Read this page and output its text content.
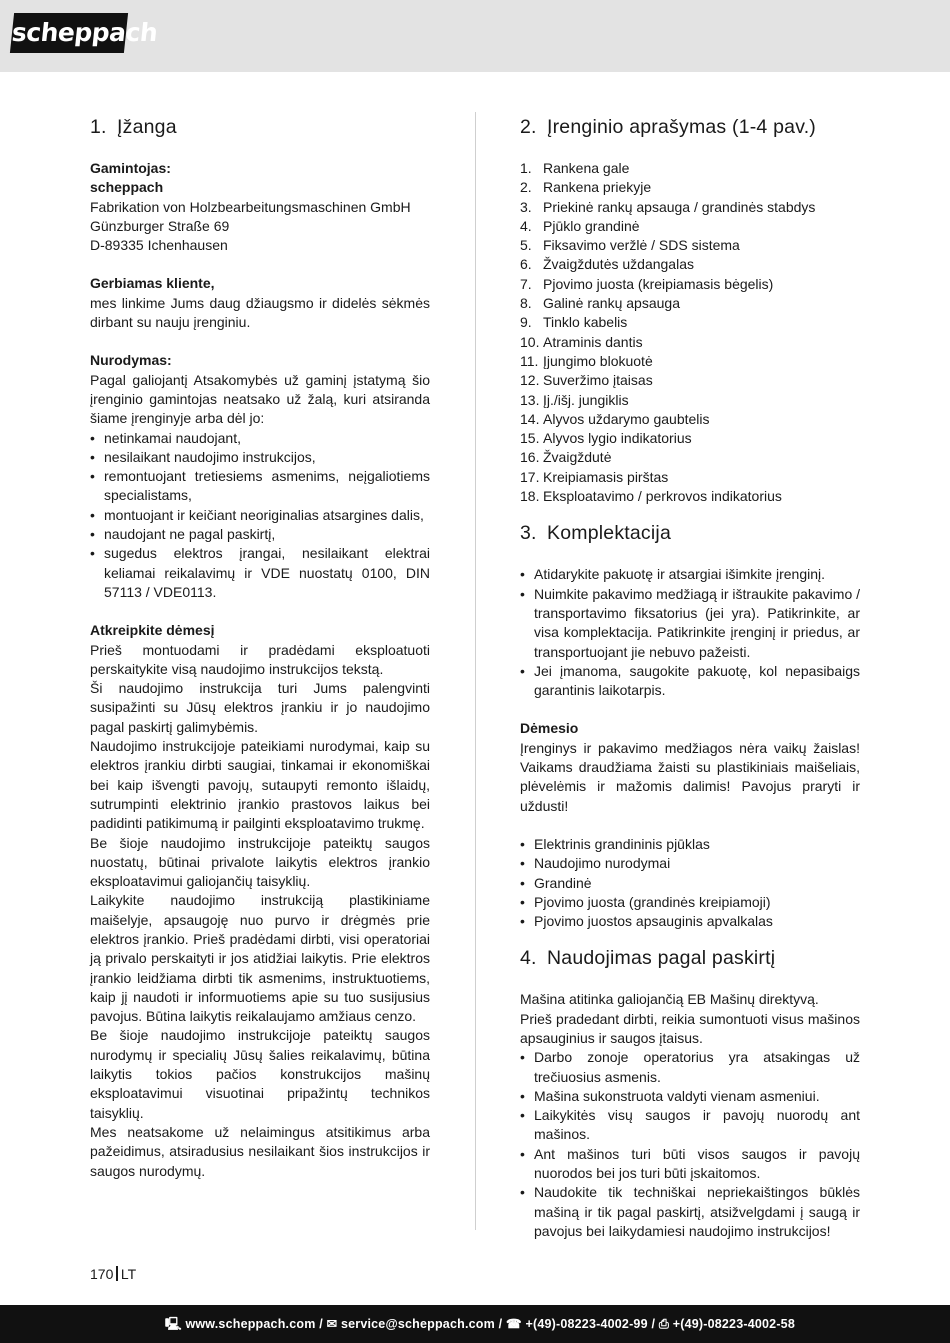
scheppach
1. Įžanga
Gamintojas:
scheppach

Fabrikation von Holzbearbeitungsmaschinen GmbH

Günzburger Straße 69

D-89335 Ichenhausen

Gerbiamas kliente,

mes linkime Jums daug džiaugsmo ir didelės sėkmės dirbant su nauju įrenginiu.

Nurodymas:

Pagal galiojantį Atsakomybės už gaminį įstatymą šio įrenginio gamintojas neatsako už žalą, kuri atsiranda šiame įrenginyje arba dėl jo:

• netinkamai naudojant,
• nesilaikant naudojimo instrukcijos,
• remontuojant tretiesiems asmenims, neįgaliotiems specialistams,
• montuojant ir keičiant neoriginalias atsargines dalis,
• naudojant ne pagal paskirtį,
• sugedus elektros įrangai, nesilaikant elektrai keliamai reikalavimų ir VDE nuostatų 0100, DIN 57113 / VDE0113.
Atkreipkite dėmesį

Prieš montuodami ir pradėdami eksploatuoti perskaitykite visą naudojimo instrukcijos tekstą.

Ši naudojimo instrukcija turi Jums palengvinti susipažinti su Jūsų elektros įrankiu ir jo naudojimo pagal paskirtį galimybėmis.

Naudojimo instrukcijoje pateikiami nurodymai, kaip su elektros įrankiu dirbti saugiai, tinkamai ir ekonomiškai bei kaip išvengti pavojų, sutaupyti remonto išlaidų, sutrumpinti elektrinio įrankio prastovos laikus bei padidinti patikimumą ir pailginti eksploatavimo trukmę.

Be šioje naudojimo instrukcijoje pateiktų saugos nuostatų, būtinai privalote laikytis elektros įrankio eksploatavimui galiojančių taisyklių.

Laikykite naudojimo instrukciją plastikiniame maišelyje, apsaugoję nuo purvo ir drėgmės prie elektros įrankio. Prieš pradėdami dirbti, visi operatoriai ją privalo perskaityti ir jos atidžiai laikytis. Prie elektros įrankio leidžiama dirbti tik asmenims, instruktuotiems, kaip jį naudoti ir informuotiems apie su tuo susijusius pavojus. Būtina laikytis reikalaujamo amžiaus cenzo.

Be šioje naudojimo instrukcijoje pateiktų saugos nurodymų ir specialių Jūsų šalies reikalavimų, būtina laikytis tokios pačios konstrukcijos mašinų eksploatavimui visuotinai pripažintų technikos taisyklių.

Mes neatsakome už nelaimingus atsitikimus arba pažeidimus, atsiradusius nesilaikant šios instrukcijos ir saugos nurodymų.

2. Įrenginio aprašymas (1-4 pav.)
1. Rankena gale
2. Rankena priekyje
3. Priekinė rankų apsauga / grandinės stabdys
4. Pjūklo grandinė
5. Fiksavimo veržlė / SDS sistema
6. Žvaigždutės uždangalas
7. Pjovimo juosta (kreipiamasis bėgelis)
8. Galinė rankų apsauga
9. Tinklo kabelis
10. Atraminis dantis
11. Įjungimo blokuotė
12. Suveržimo įtaisas
13. Įj./išj. jungiklis
14. Alyvos uždarymo gaubtelis
15. Alyvos lygio indikatorius
16. Žvaigždutė
17. Kreipiamasis pirštas
18. Eksploatavimo / perkrovos indikatorius
3. Komplektacija
• Atidarykite pakuotę ir atsargiai išimkite įrenginį.
• Nuimkite pakavimo medžiagą ir ištraukite pakavimo / transportavimo fiksatorius (jei yra). Patikrinkite, ar visa komplektacija. Patikrinkite įrenginį ir priedus, ar transportuojant jie nebuvo pažeisti.
• Jei įmanoma, saugokite pakuotę, kol nepasibaigs garantinis laikotarpis.
Dėmesio

Įrenginys ir pakavimo medžiagos nėra vaikų žaislas! Vaikams draudžiama žaisti su plastikiniais maišeliais, plėvelėmis ir mažomis dalimis! Pavojus praryti ir uždusti!

• Elektrinis grandininis pjūklas
• Naudojimo nurodymai
• Grandinė
• Pjovimo juosta (grandinės kreipiamoji)
• Pjovimo juostos apsauginis apvalkalas
4. Naudojimas pagal paskirtį

Mašina atitinka galiojančią EB Mašinų direktyvą.

Prieš pradedant dirbti, reikia sumontuoti visus mašinos apsauginius ir saugos įtaisus.

• Darbo zonoje operatorius yra atsakingas už trečiuosius asmenis.
• Mašina sukonstruota valdyti vienam asmeniui.
• Laikykitės visų saugos ir pavojų nuorodų ant mašinos.
• Ant mašinos turi būti visos saugos ir pavojų nuorodos bei jos turi būti įskaitomos.
• Naudokite tik techniškai nepriekaištingos būklės mašiną ir tik pagal paskirtį, atsižvelgdami į saugą ir pavojus bei laikydamiesi naudojimo instrukcijos!
170 LT
🖳︎ www.scheppach.com / ✉︎ service@scheppach.com / ☎ +(49)-08223-4002-99 / ⎙ +(49)-08223-4002-58
